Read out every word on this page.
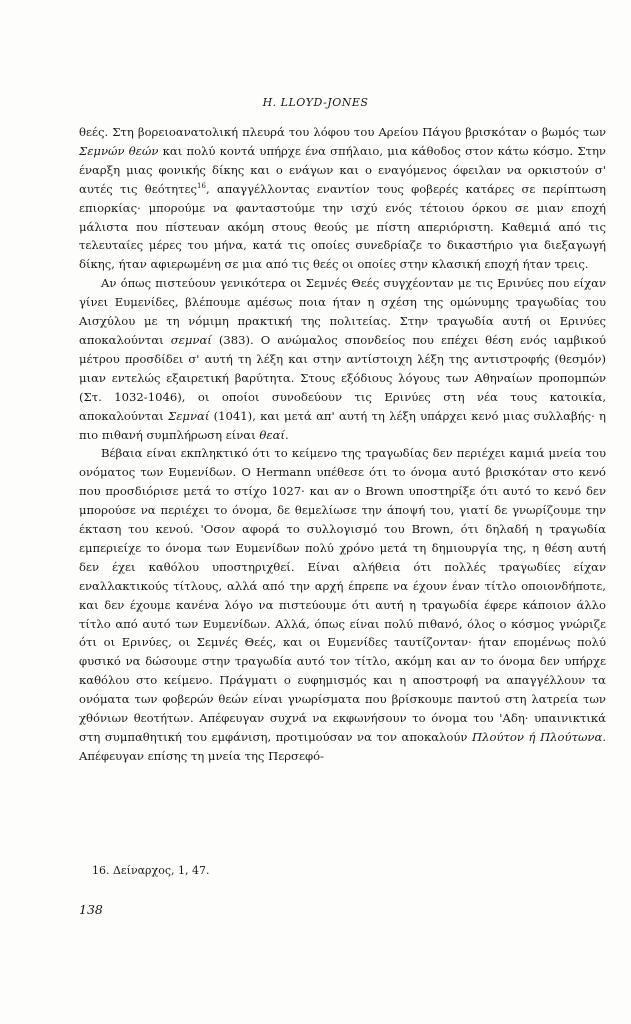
H. LLOYD-JONES

θεές. Στη βορειοανατολική πλευρά του λόφου του Αρείου Πάγου βρισκόταν ο βωμός των Σεμνών θεών και πολύ κοντά υπήρχε ένα σπήλαιο, μια κάθοδος στον κάτω κόσμο. Στην έναρξη μιας φονικής δίκης και ο ενάγων και ο εναγόμενος όφειλαν να ορκιστούν σ' αυτές τις θεότητες$^{16}$, απαγγέλλοντας εναντίον τους φοβερές κατάρες σε περίπτωση επιορκίας· μπορούμε να φανταστούμε την ισχύ ενός τέτοιου όρκου σε μιαν εποχή μάλιστα που πίστευαν ακόμη στους θεούς με πίστη απεριόριστη. Καθεμιά από τις τελευταίες μέρες του μήνα, κατά τις οποίες συνεδρίαζε το δικαστήριο για διεξαγωγή δίκης, ήταν αφιερωμένη σε μια από τις θεές οι οποίες στην κλασική εποχή ήταν τρεις.

Αν όπως πιστεύουν γενικότερα οι Σεμνές Θεές συγχέονταν με τις Ερινύες που είχαν γίνει Ευμενίδες, βλέπουμε αμέσως ποια ήταν η σχέση της ομώνυμης τραγωδίας του Αισχύλου με τη νόμιμη πρακτική της πολιτείας. Στην τραγωδία αυτή οι Ερινύες αποκαλούνται σεμναί (383). Ο ανώμαλος σπονδείος που επέχει θέση ενός ιαμβικού μέτρου προσδίδει σ' αυτή τη λέξη και στην αντίστοιχη λέξη της αντιστροφής (θεσμόν) μιαν εντελώς εξαιρετική βαρύτητα. Στους εξόδιους λόγους των Αθηναίων προπομπών (Στ. 1032-1046), οι οποίοι συνοδεύουν τις Ερινύες στη νέα τους κατοικία, αποκαλούνται Σεμναί (1041), και μετά απ' αυτή τη λέξη υπάρχει κενό μιας συλλαβής· η πιο πιθανή συμπλήρωση είναι θεαί.

Βέβαια είναι εκπληκτικό ότι το κείμενο της τραγωδίας δεν περιέχει καμιά μνεία του ονόματος των Ευμενίδων. Ο Hermann υπέθεσε ότι το όνομα αυτό βρισκόταν στο κενό που προσδιόρισε μετά το στίχο 1027· και αν ο Brown υποστηρίξε ότι αυτό το κενό δεν μπορούσε να περιέχει το όνομα, δε θεμελίωσε την άποψή του, γιατί δε γνωρίζουμε την έκταση του κενού. 'Οσον αφορά το συλλογισμό του Brown, ότι δηλαδή η τραγωδία εμπεριείχε το όνομα των Ευμενίδων πολύ χρόνο μετά τη δημιουργία της, η θέση αυτή δεν έχει καθόλου υποστηριχθεί. Είναι αλήθεια ότι πολλές τραγωδίες είχαν εναλλακτικούς τίτλους, αλλά από την αρχή έπρεπε να έχουν έναν τίτλο οποιονδήποτε, και δεν έχουμε κανένα λόγο να πιστεύουμε ότι αυτή η τραγωδία έφερε κάποιον άλλο τίτλο από αυτό των Ευμενίδων. Αλλά, όπως είναι πολύ πιθανό, όλος ο κόσμος γνώριζε ότι οι Ερινύες, οι Σεμνές Θεές, και οι Ευμενίδες ταυτίζονταν· ήταν επομένως πολύ φυσικό να δώσουμε στην τραγωδία αυτό τον τίτλο, ακόμη και αν το όνομα δεν υπήρχε καθόλου στο κείμενο. Πράγματι ο ευφημισμός και η αποστροφή να απαγγέλλουν τα ονόματα των φοβερών θεών είναι γνωρίσματα που βρίσκουμε παντού στη λατρεία των χθόνιων θεοτήτων. Απέφευγαν συχνά να εκφωνήσουν το όνομα του 'Αδη· υπαινικτικά στη συμπαθητική του εμφάνιση, προτιμούσαν να τον αποκαλούν Πλούτον ή Πλούτωνα. Απέφευγαν επίσης τη μνεία της Περσεφό-

16. Δείναρχος, 1, 47.
138
